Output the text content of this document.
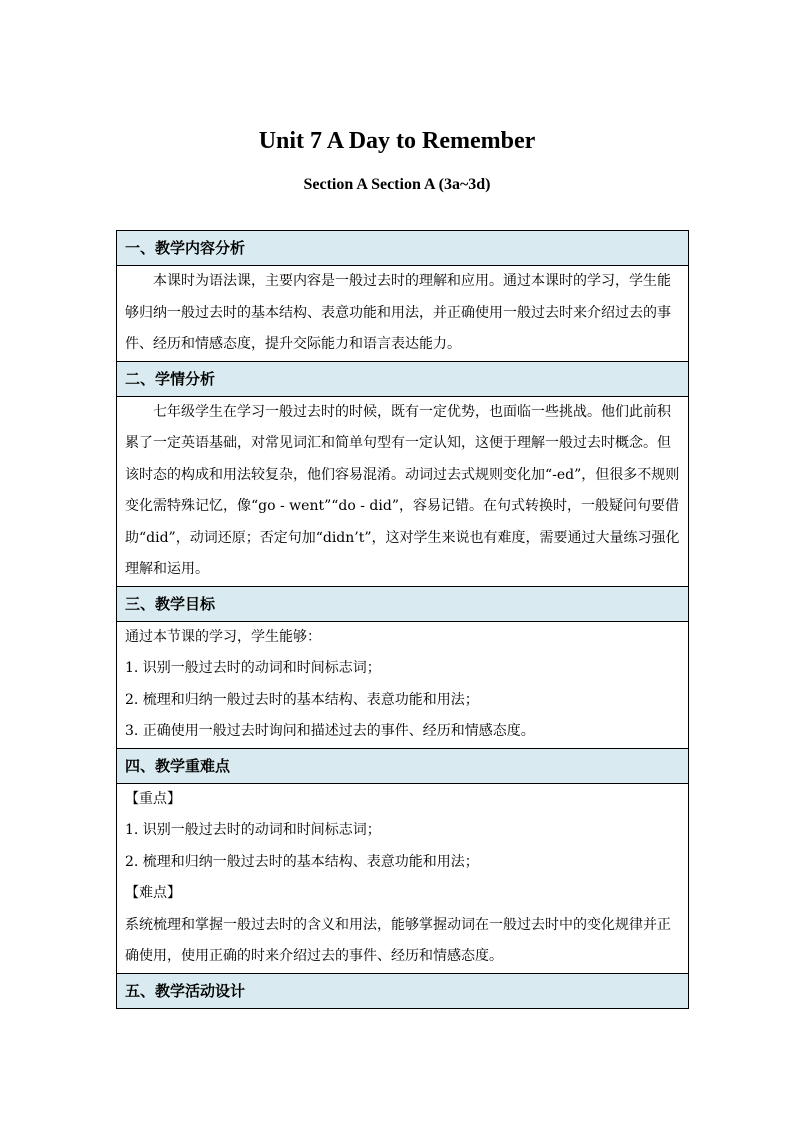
Unit 7 A Day to Remember
Section A Section A (3a~3d)
一、教学内容分析

本课时为语法课，主要内容是一般过去时的理解和应用。通过本课时的学习，学生能够归纳一般过去时的基本结构、表意功能和用法，并正确使用一般过去时来介绍过去的事件、经历和情感态度，提升交际能力和语言表达能力。

二、学情分析

七年级学生在学习一般过去时的时候，既有一定优势，也面临一些挑战。他们此前积累了一定英语基础，对常见词汇和简单句型有一定认知，这便于理解一般过去时概念。但该时态的构成和用法较复杂，他们容易混淆。动词过去式规则变化加“-ed”，但很多不规则变化需特殊记忆，像“go - went”“do - did”，容易记错。在句式转换时，一般疑问句要借助“did”，动词还原；否定句加“didn’t”，这对学生来说也有难度，需要通过大量练习强化理解和运用。

三、教学目标

通过本节课的学习，学生能够：

1. 识别一般过去时的动词和时间标志词；

2. 梳理和归纳一般过去时的基本结构、表意功能和用法；

3. 正确使用一般过去时询问和描述过去的事件、经历和情感态度。

四、教学重难点

【重点】

1. 识别一般过去时的动词和时间标志词；

2. 梳理和归纳一般过去时的基本结构、表意功能和用法；

【难点】

系统梳理和掌握一般过去时的含义和用法，能够掌握动词在一般过去时中的变化规律并正确使用，使用正确的时来介绍过去的事件、经历和情感态度。

五、教学活动设计
